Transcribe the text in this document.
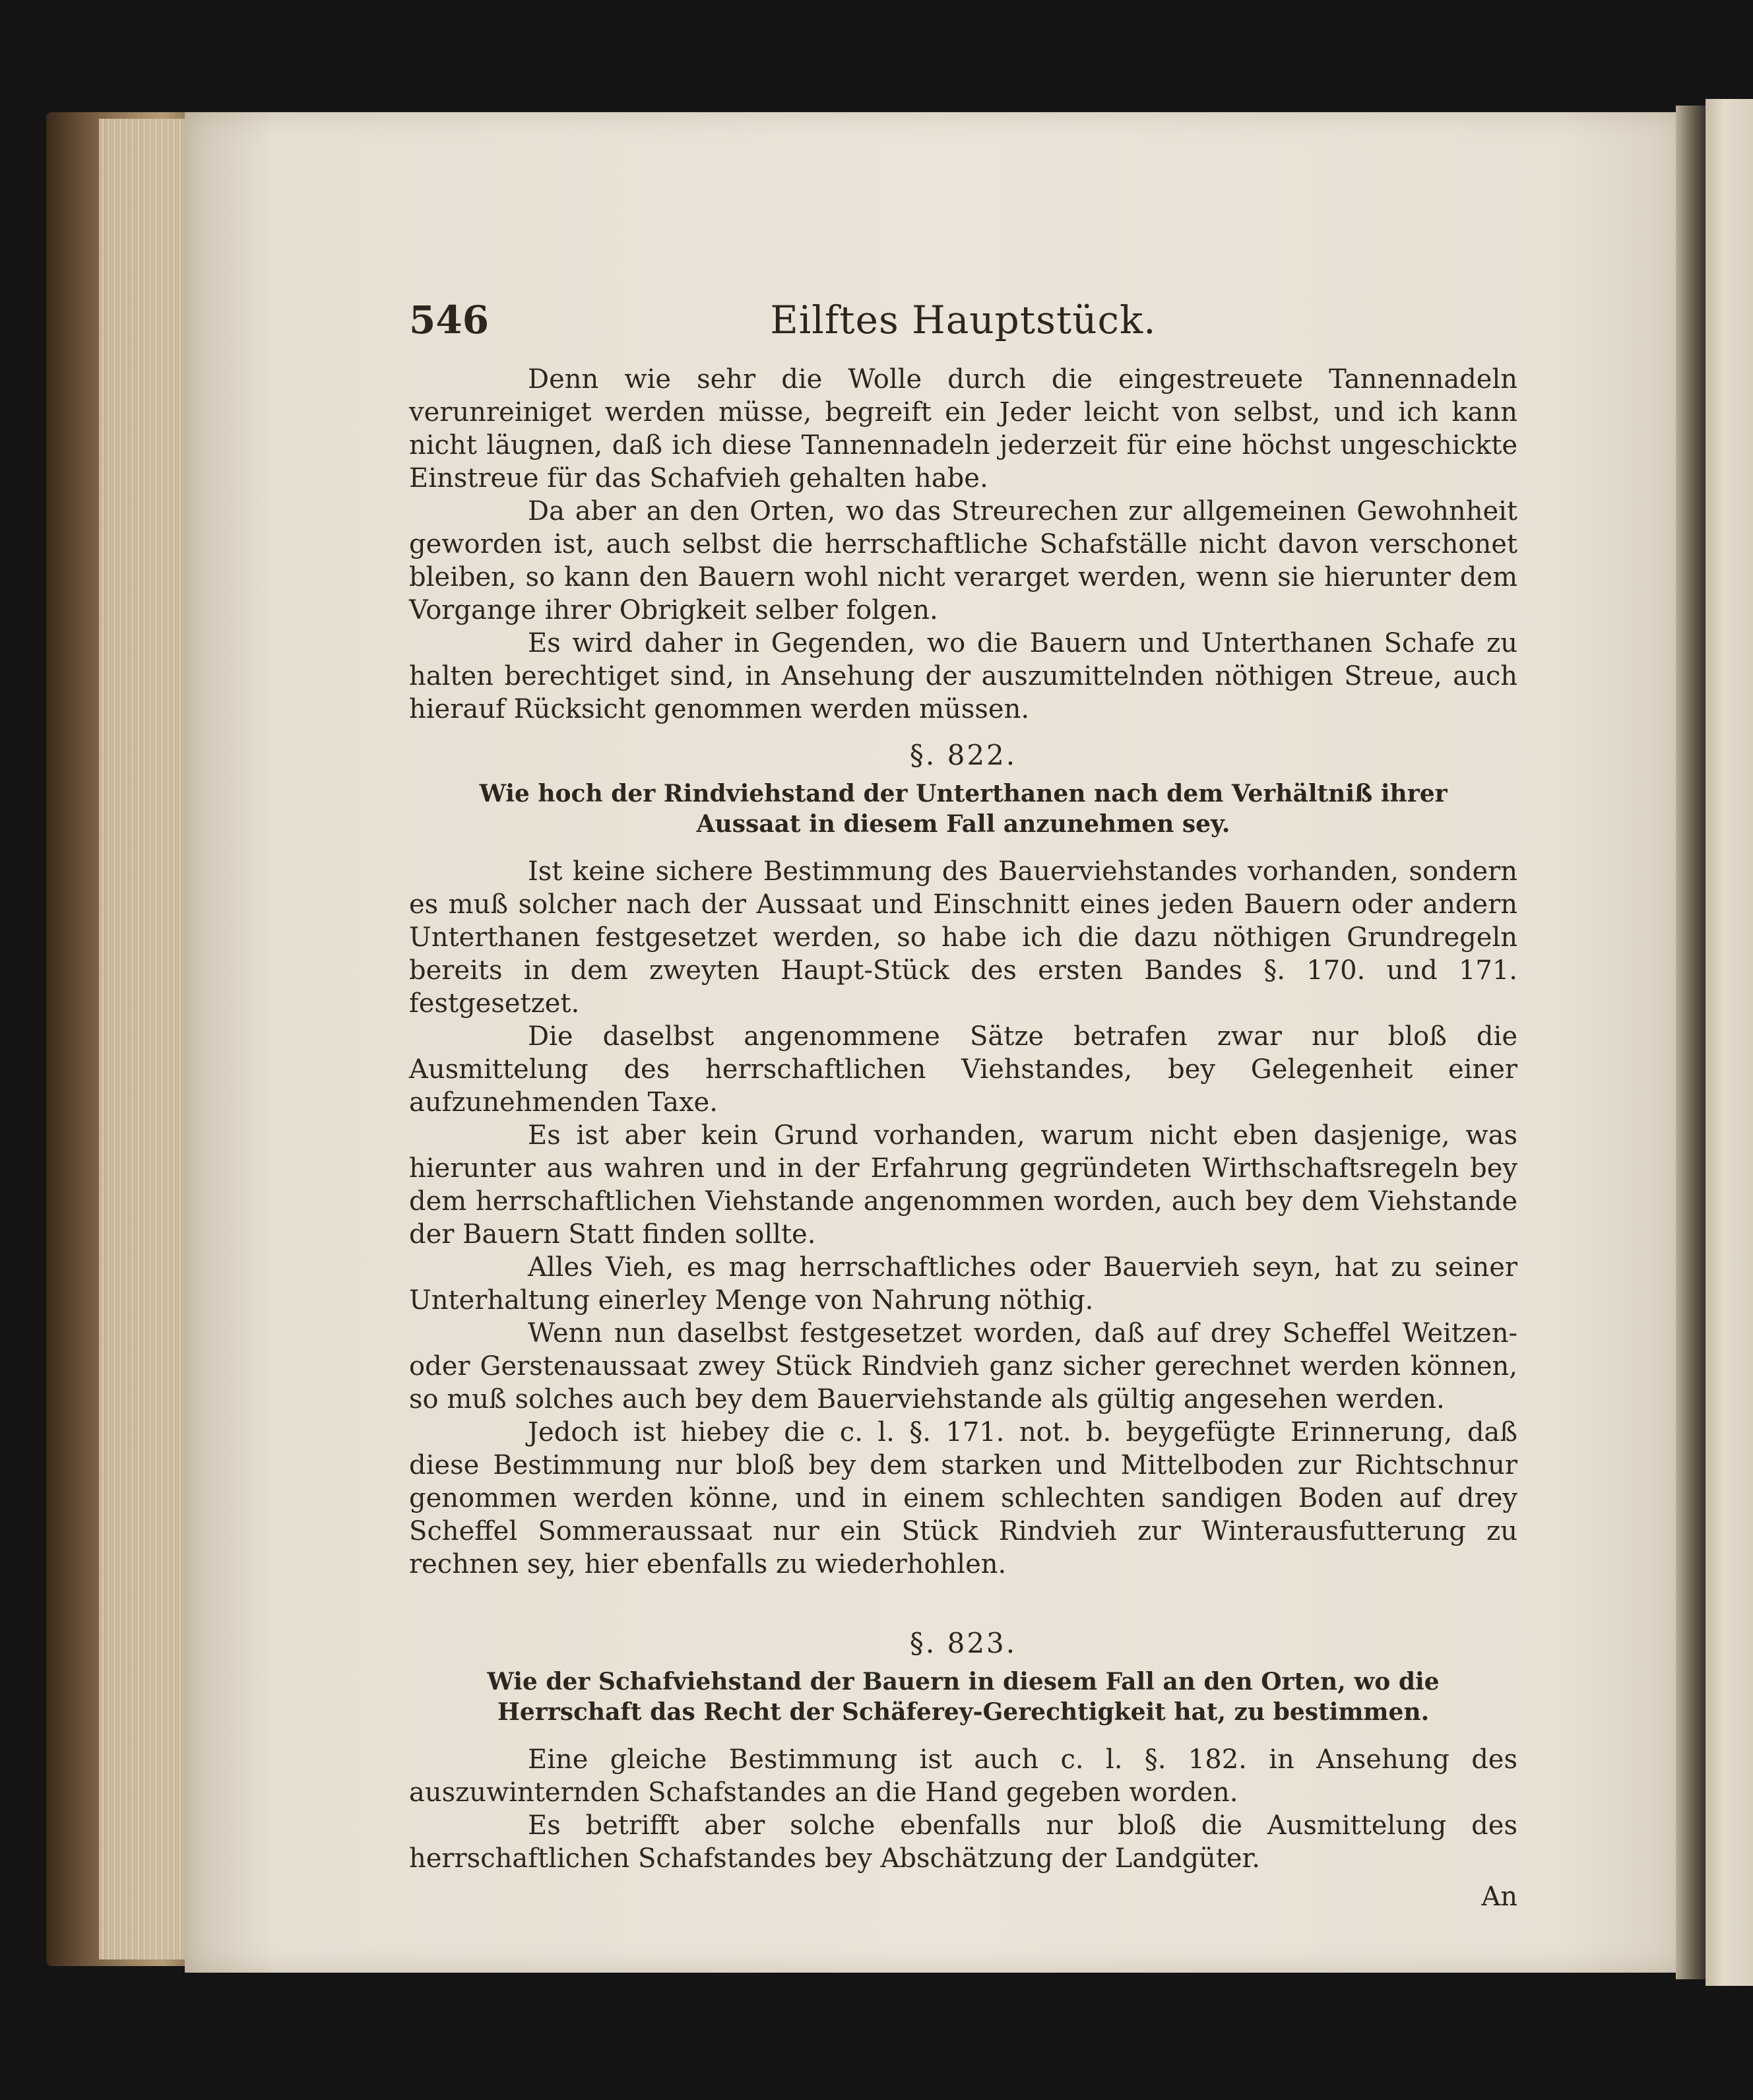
546	Eilftes Hauptstück.

Denn wie sehr die Wolle durch die eingestreuete Tannennadeln verunreiniget werden müsse, begreift ein Jeder leicht von selbst, und ich kann nicht läugnen, daß ich diese Tannennadeln jederzeit für eine höchst ungeschickte Einstreue für das Schafvieh gehalten habe.

Da aber an den Orten, wo das Streurechen zur allgemeinen Gewohnheit geworden ist, auch selbst die herrschaftliche Schafställe nicht davon verschonet bleiben, so kann den Bauern wohl nicht verarget werden, wenn sie hierunter dem Vorgange ihrer Obrigkeit selber folgen.

Es wird daher in Gegenden, wo die Bauern und Unterthanen Schafe zu halten berechtiget sind, in Ansehung der auszumittelnden nöthigen Streue, auch hierauf Rücksicht genommen werden müssen.

§. 822.
Wie hoch der Rindviehstand der Unterthanen nach dem Verhältniß ihrer Aussaat in diesem Fall anzunehmen sey.

Ist keine sichere Bestimmung des Bauerviehstandes vorhanden, sondern es muß solcher nach der Aussaat und Einschnitt eines jeden Bauern oder andern Unterthanen festgesetzet werden, so habe ich die dazu nöthigen Grundregeln bereits in dem zweyten Haupt-Stück des ersten Bandes §. 170. und 171. festgesetzet.

Die daselbst angenommene Sätze betrafen zwar nur bloß die Ausmittelung des herrschaftlichen Viehstandes, bey Gelegenheit einer aufzunehmenden Taxe.

Es ist aber kein Grund vorhanden, warum nicht eben dasjenige, was hierunter aus wahren und in der Erfahrung gegründeten Wirthschaftsregeln bey dem herrschaftlichen Viehstande angenommen worden, auch bey dem Viehstande der Bauern Statt finden sollte.

Alles Vieh, es mag herrschaftliches oder Bauervieh seyn, hat zu seiner Unterhaltung einerley Menge von Nahrung nöthig.

Wenn nun daselbst festgesetzet worden, daß auf drey Scheffel Weitzen- oder Gerstenaussaat zwey Stück Rindvieh ganz sicher gerechnet werden können, so muß solches auch bey dem Bauerviehstande als gültig angesehen werden.

Jedoch ist hiebey die c. l. §. 171. not. b. beygefügte Erinnerung, daß diese Bestimmung nur bloß bey dem starken und Mittelboden zur Richtschnur genommen werden könne, und in einem schlechten sandigen Boden auf drey Scheffel Sommeraussaat nur ein Stück Rindvieh zur Winterausfutterung zu rechnen sey, hier ebenfalls zu wiederhohlen.

§. 823.
Wie der Schafviehstand der Bauern in diesem Fall an den Orten, wo die Herrschaft das Recht der Schäferey-Gerechtigkeit hat, zu bestimmen.

Eine gleiche Bestimmung ist auch c. l. §. 182. in Ansehung des auszuwinternden Schafstandes an die Hand gegeben worden.

Es betrifft aber solche ebenfalls nur bloß die Ausmittelung des herrschaftlichen Schafstandes bey Abschätzung der Landgüter.

An
